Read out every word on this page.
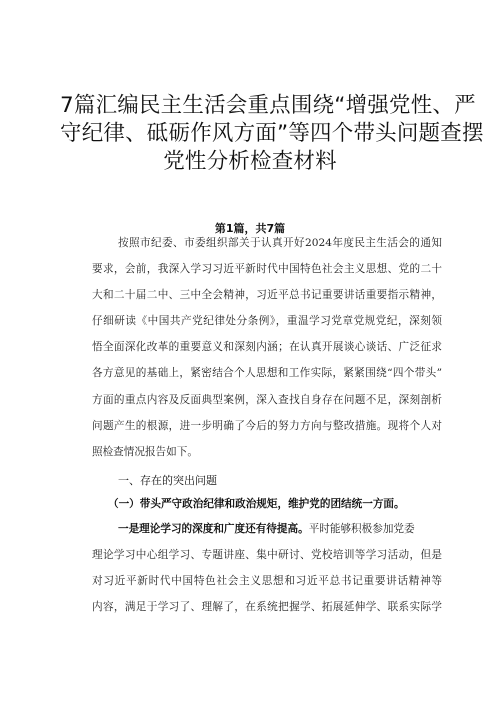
7篇汇编民主生活会重点围绕“增强党性、严
守纪律、砥砺作风方面”等四个带头问题查摆
党性分析检查材料
第1篇，共7篇
按照市纪委、市委组织部关于认真开好2024年度民主生活会的通知
要求，会前，我深入学习习近平新时代中国特色社会主义思想、党的二十
大和二十届二中、三中全会精神，习近平总书记重要讲话重要指示精神，
仔细研读《中国共产党纪律处分条例》，重温学习党章党规党纪，深刻领
悟全面深化改革的重要意义和深刻内涵；在认真开展谈心谈话、广泛征求
各方意见的基础上，紧密结合个人思想和工作实际，紧紧围绕“四个带头”
方面的重点内容及反面典型案例，深入查找自身存在问题不足，深刻剖析
问题产生的根源，进一步明确了今后的努力方向与整改措施。现将个人对
照检查情况报告如下。
一、存在的突出问题
（一）带头严守政治纪律和政治规矩，维护党的团结统一方面。
一是理论学习的深度和广度还有待提高。平时能够积极参加党委
理论学习中心组学习、专题讲座、集中研讨、党校培训等学习活动，但是
对习近平新时代中国特色社会主义思想和习近平总书记重要讲话精神等
内容，满足于学习了、理解了，在系统把握学、拓展延伸学、联系实际学
